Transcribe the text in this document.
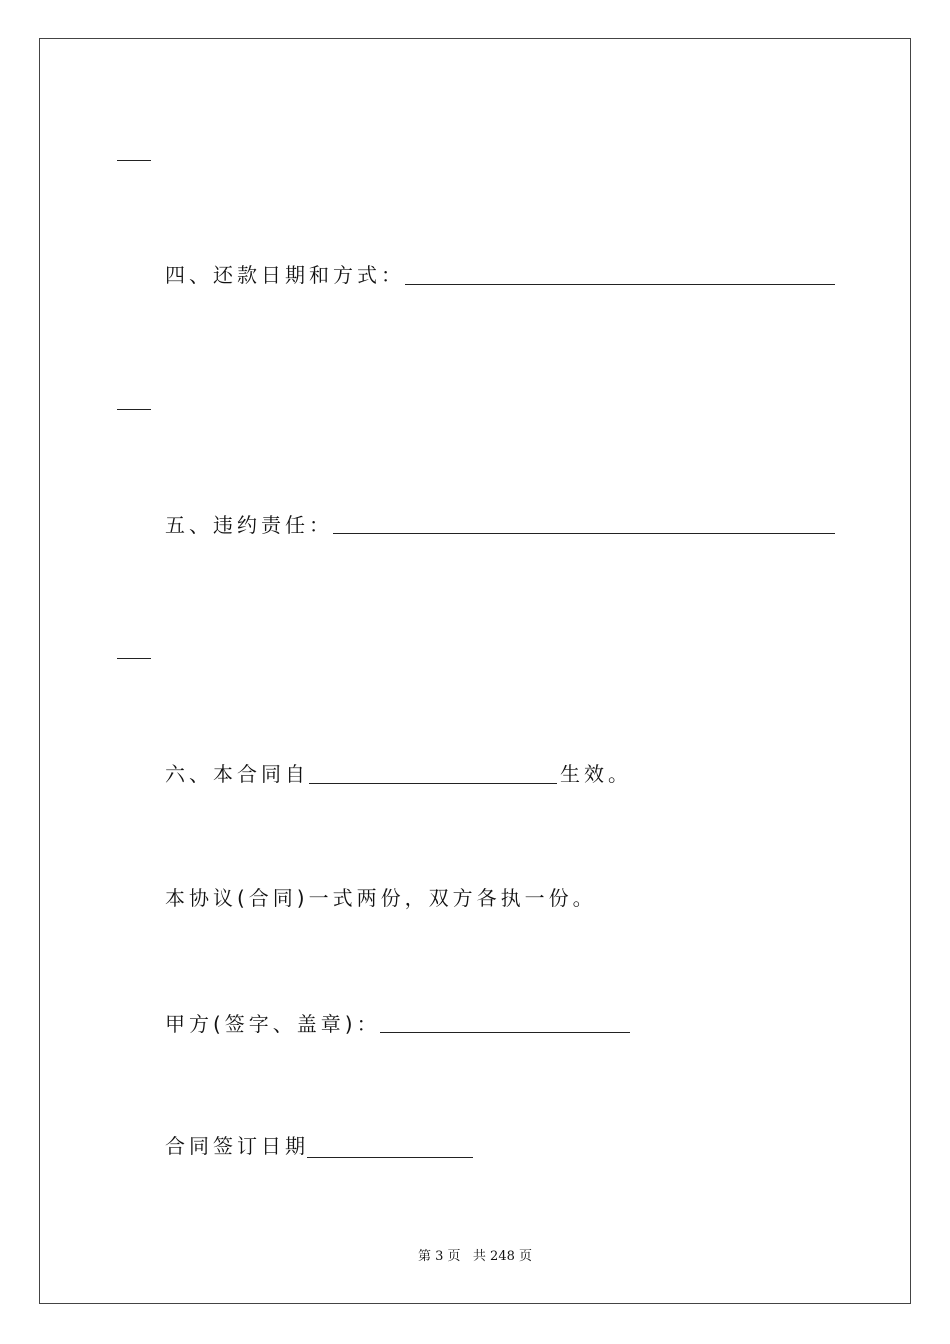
四、还款日期和方式：
五、违约责任：
六、本合同自	生效。
本协议(合同)一式两份，双方各执一份。
甲方(签字、盖章)：
合同签订日期
第 3 页   共 248 页
